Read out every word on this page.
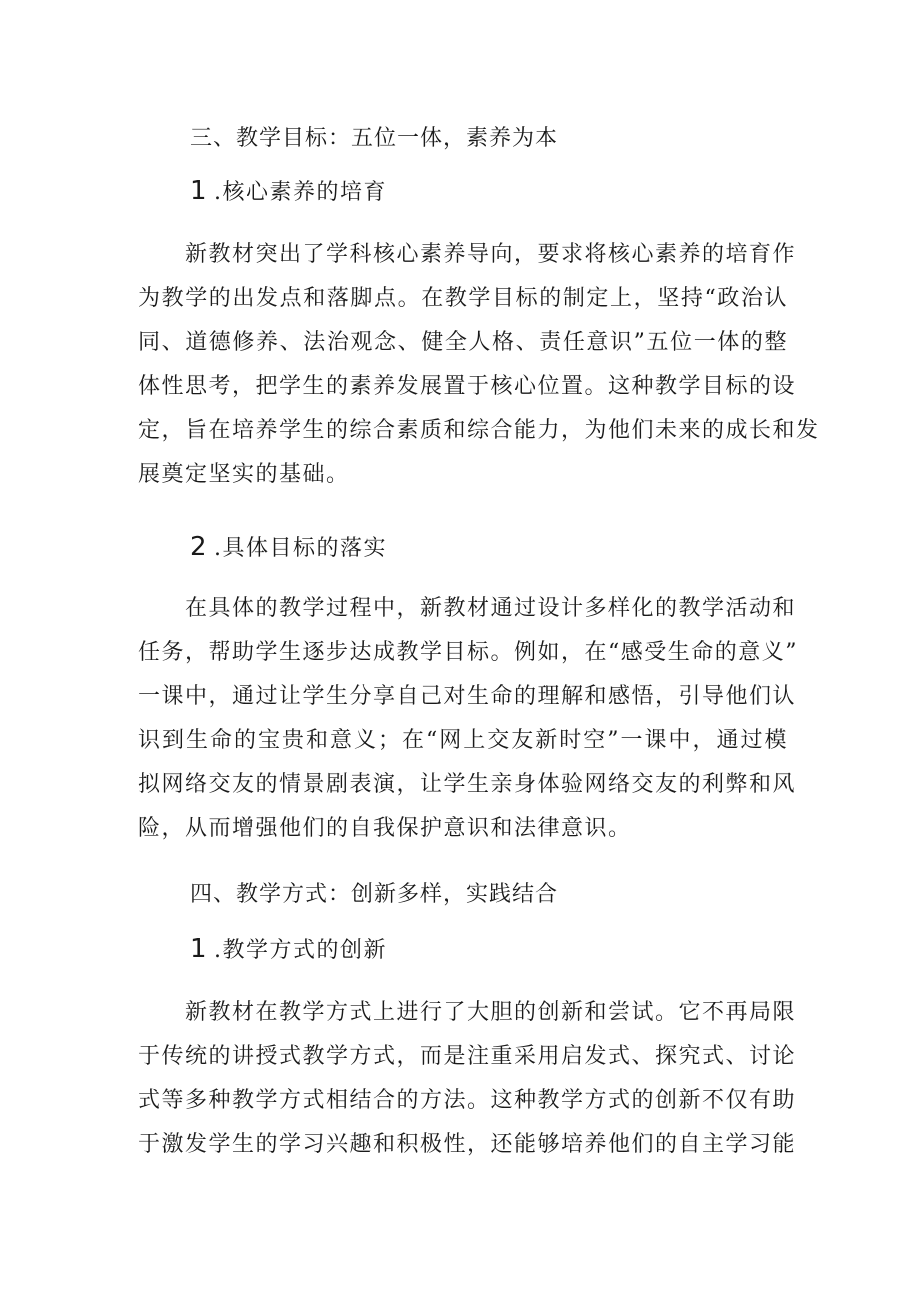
三、教学目标：五位一体，素养为本
1 .核心素养的培育
新教材突出了学科核心素养导向，要求将核心素养的培育作
为教学的出发点和落脚点。在教学目标的制定上，坚持“政治认
同、道德修养、法治观念、健全人格、责任意识”五位一体的整
体性思考，把学生的素养发展置于核心位置。这种教学目标的设
定，旨在培养学生的综合素质和综合能力，为他们未来的成长和发
展奠定坚实的基础。
2 .具体目标的落实
在具体的教学过程中，新教材通过设计多样化的教学活动和
任务，帮助学生逐步达成教学目标。例如，在“感受生命的意义”
一课中，通过让学生分享自己对生命的理解和感悟，引导他们认
识到生命的宝贵和意义；在“网上交友新时空”一课中，通过模
拟网络交友的情景剧表演，让学生亲身体验网络交友的利弊和风
险，从而增强他们的自我保护意识和法律意识。
四、教学方式：创新多样，实践结合
1 .教学方式的创新
新教材在教学方式上进行了大胆的创新和尝试。它不再局限
于传统的讲授式教学方式，而是注重采用启发式、探究式、讨论
式等多种教学方式相结合的方法。这种教学方式的创新不仅有助
于激发学生的学习兴趣和积极性，还能够培养他们的自主学习能
